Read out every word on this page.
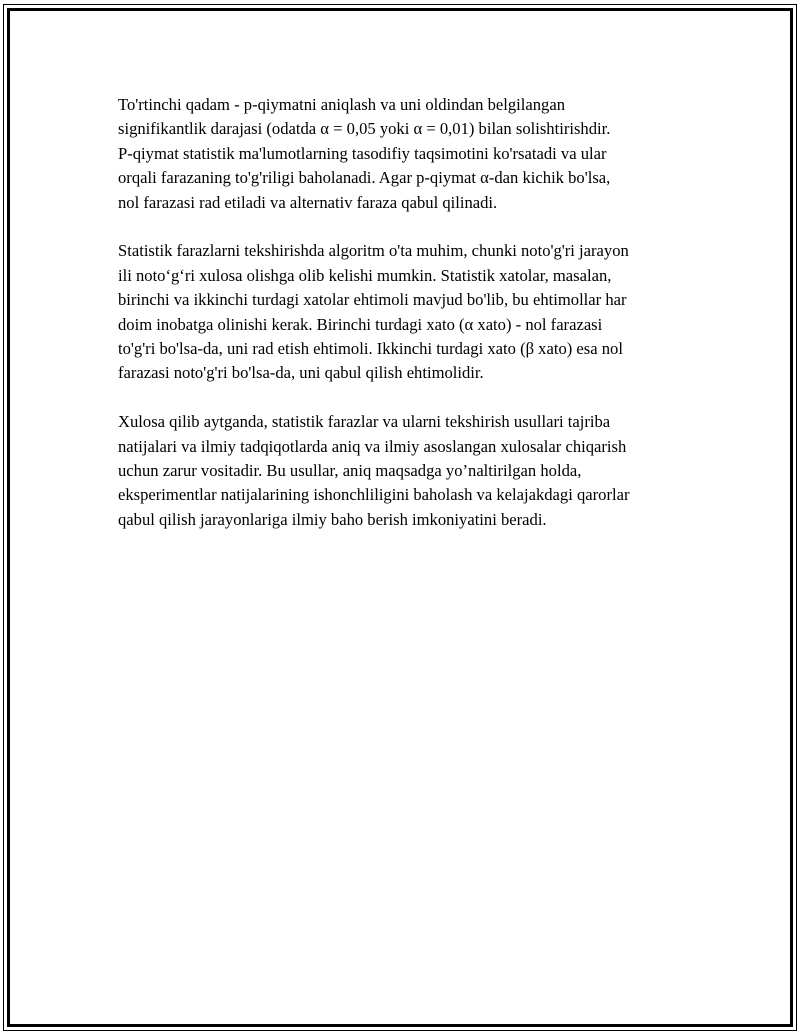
To'rtinchi qadam - p-qiymatni aniqlash va uni oldindan belgilangan
signifikantlik darajasi (odatda α = 0,05 yoki α = 0,01) bilan solishtirishdir.
P-qiymat statistik ma'lumotlarning tasodifiy taqsimotini ko'rsatadi va ular
orqali farazaning to'g'riligi baholanadi. Agar p-qiymat α-dan kichik bo'lsa,
nol farazasi rad etiladi va alternativ faraza qabul qilinadi.

Statistik farazlarni tekshirishda algoritm o'ta muhim, chunki noto'g'ri jarayon
ili noto‘g‘ri xulosa olishga olib kelishi mumkin. Statistik xatolar, masalan,
birinchi va ikkinchi turdagi xatolar ehtimoli mavjud bo'lib, bu ehtimollar har
doim inobatga olinishi kerak. Birinchi turdagi xato (α xato) - nol farazasi
to'g'ri bo'lsa-da, uni rad etish ehtimoli. Ikkinchi turdagi xato (β xato) esa nol
farazasi noto'g'ri bo'lsa-da, uni qabul qilish ehtimolidir.

Xulosa qilib aytganda, statistik farazlar va ularni tekshirish usullari tajriba
natijalari va ilmiy tadqiqotlarda aniq va ilmiy asoslangan xulosalar chiqarish
uchun zarur vositadir. Bu usullar, aniq maqsadga yo’naltirilgan holda,
eksperimentlar natijalarining ishonchliligini baholash va kelajakdagi qarorlar
qabul qilish jarayonlariga ilmiy baho berish imkoniyatini beradi.
